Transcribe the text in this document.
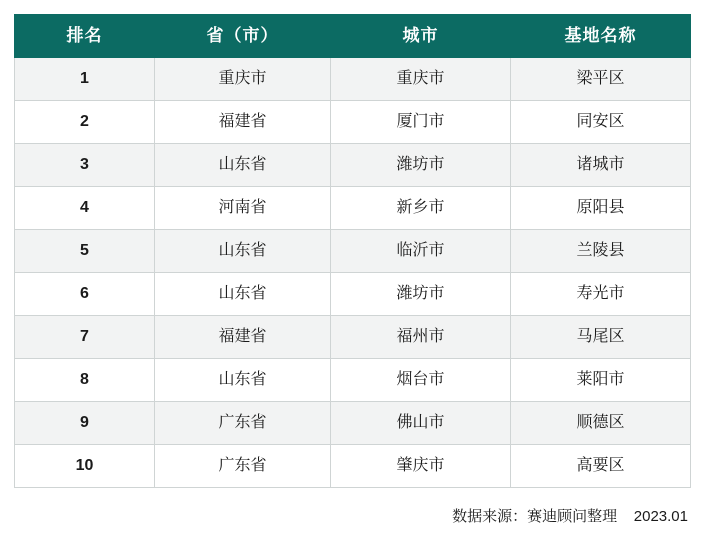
排名	省（市）	城市	基地名称
1	重庆市	重庆市	梁平区
2	福建省	厦门市	同安区
3	山东省	潍坊市	诸城市
4	河南省	新乡市	原阳县
5	山东省	临沂市	兰陵县
6	山东省	潍坊市	寿光市
7	福建省	福州市	马尾区
8	山东省	烟台市	莱阳市
9	广东省	佛山市	顺德区
10	广东省	肇庆市	高要区
数据来源：赛迪顾问整理    2023.01
